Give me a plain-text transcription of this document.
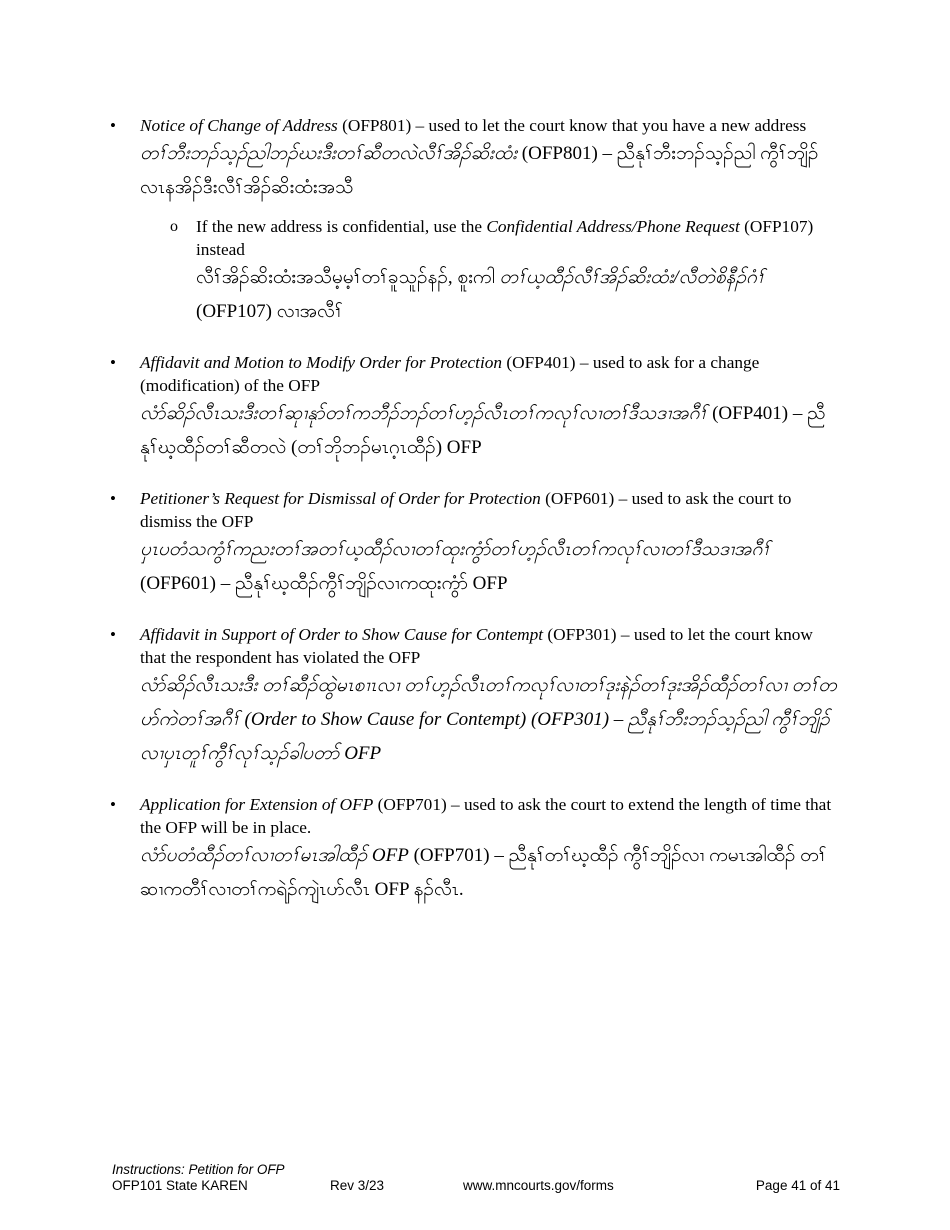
• Notice of Change of Address (OFP801) – used to let the court know that you have a new address
တၢ်ဘီးဘၣ်သ့ၣ်ညါဘၣ်ဃးဒီးတၢ်ဆီတလဲလီၢ်အိၣ်ဆိးထံး (OFP801) – ညီနုၢ်ဘီးဘၣ်သ့ၣ်ညါ ကွီၢ်ဘျိၣ် လၤနအိၣ်ဒီးလီၢ်အိၣ်ဆိးထံးအသီ
o If the new address is confidential, use the Confidential Address/Phone Request (OFP107) instead
လီၢ်အိၣ်ဆိးထံးအသီမ့မ့ၢ်တၢ်ခူသူၣ်နၣ်, စူးကါ တၢ်ယ့ထီၣ်လီၢ်အိၣ်ဆိးထံး/လီတဲစိနီၣ်ဂံၢ် (OFP107) လၢအလီၢ်
• Affidavit and Motion to Modify Order for Protection (OFP401) – used to ask for a change (modification) of the OFP
လံာ်ဆိၣ်လီၤသးဒီးတၢ်ဆုၢနုာ်တၢ်ကဘီၣ်ဘၣ်တၢ်ဟ့ၣ်လီၤတၢ်ကလုၢ်လၢတၢ်ဒီသဒၢအဂီၢ် (OFP401) – ညီနုၢ်ဃ့ထီၣ်တၢ်ဆီတလဲ (တၢ်ဘိုဘၣ်မၤဂ့ၤထီၣ်) OFP
• Petitioner’s Request for Dismissal of Order for Protection (OFP601) – used to ask the court to dismiss the OFP
ပှၤပတံသကွံၢ်ကညးတၢ်အတၢ်ယ့ထီၣ်လၢတၢ်ထုးကွံာ်တၢ်ဟ့ၣ်လီၤတၢ်ကလုၢ်လၢတၢ်ဒီသဒၢအဂီၢ် (OFP601) – ညီနုၢ်ဃ့ထီၣ်ကွီၢ်ဘျိၣ်လၢကထုးကွံာ် OFP
• Affidavit in Support of Order to Show Cause for Contempt (OFP301) – used to let the court know that the respondent has violated the OFP
လံာ်ဆိၣ်လီၤသးဒီး တၢ်ဆီၣ်ထွဲမၤစၢၤလၢ တၢ်ဟ့ၣ်လီၤတၢ်ကလုၢ်လၢတၢ်ဒုးနဲၣ်တၢ်ဒုးအိၣ်ထီၣ်တၢ်လၢ တၢ်တဟ်ကဲတၢ်အဂီၢ် (Order to Show Cause for Contempt) (OFP301) – ညီနုၢ်ဘီးဘၣ်သ့ၣ်ညါ ကွီၢ်ဘျိၣ်လၢပှၤတူၢ်ကွီၢ်လုၢ်သ့ၣ်ခါပတာ် OFP
• Application for Extension of OFP (OFP701) – used to ask the court to extend the length of time that the OFP will be in place.
လံာ်ပတံထီၣ်တၢ်လၢတၢ်မၤအါထီၣ် OFP (OFP701) – ညီနုၢ်တၢ်ဃ့ထီၣ် ကွီၢ်ဘျိၣ်လၢ ကမၤအါထီၣ် တၢ်ဆၢကတီၢ်လၢတၢ်ကရဲၣ်ကျဲၤဟ်လီၤ OFP နၣ်လီၤ.
Instructions: Petition for OFP
OFP101 State KAREN	Rev 3/23	www.mncourts.gov/forms	Page 41 of 41
